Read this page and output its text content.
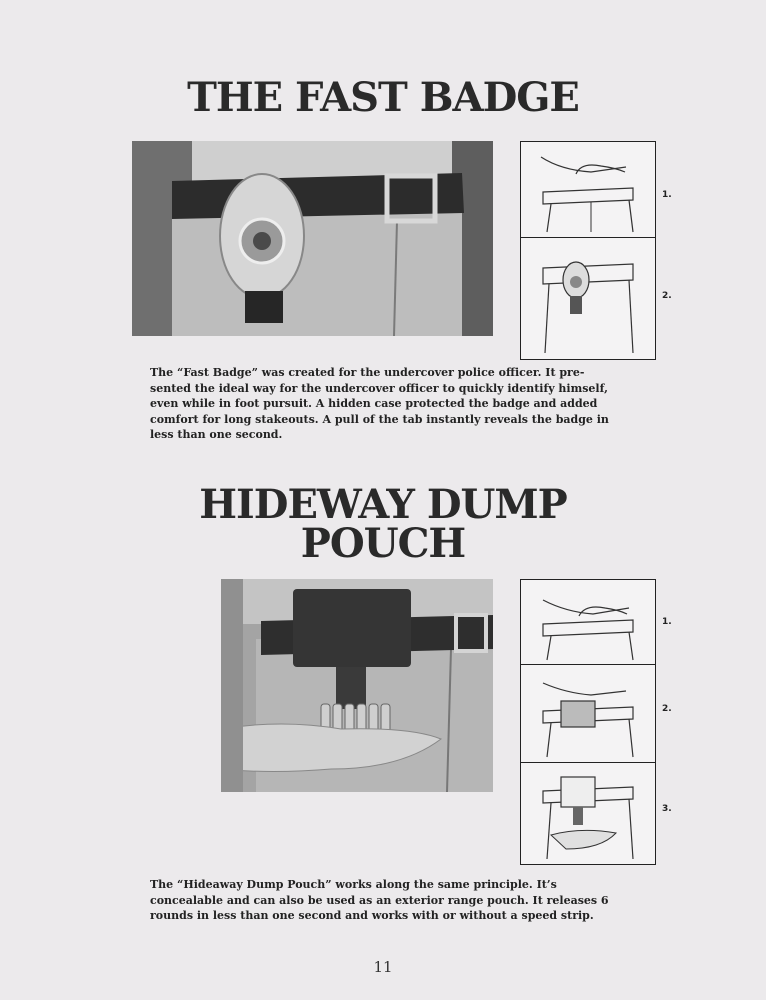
THE FAST BADGE
1.
2.
The “Fast Badge” was created for the undercover police officer. It pre-
sented the ideal way for the undercover officer to quickly identify himself,
even while in foot pursuit. A hidden case protected the badge and added
comfort for long stakeouts. A pull of the tab instantly reveals the badge in
less than one second.
HIDEWAY DUMP
POUCH
1.
2.
3.
The “Hideaway Dump Pouch” works along the same principle. It’s
concealable and can also be used as an exterior range pouch. It releases 6
rounds in less than one second and works with or without a speed strip.
11
